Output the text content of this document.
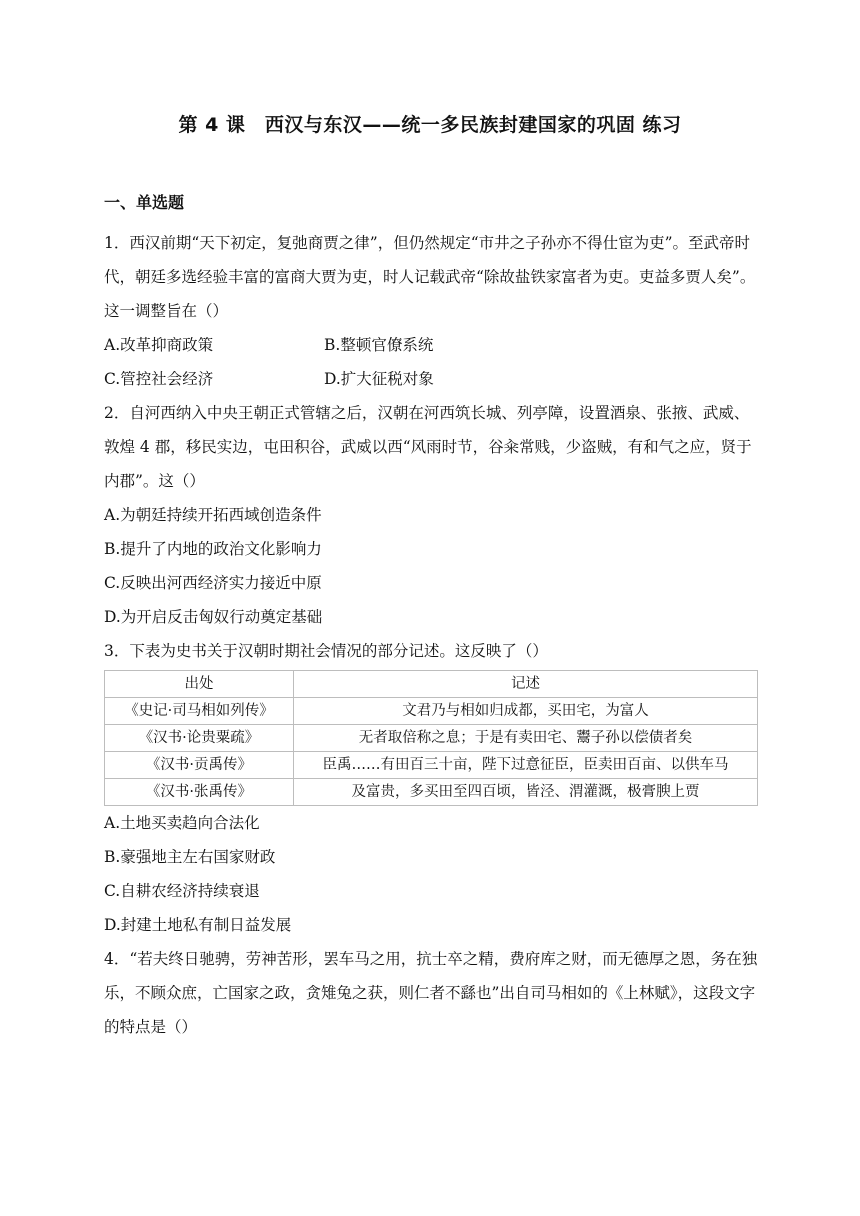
第 4 课　西汉与东汉——统一多民族封建国家的巩固 练习
一、单选题

1．西汉前期“天下初定，复弛商贾之律”，但仍然规定“市井之子孙亦不得仕宦为吏”。至武帝时代，朝廷多选经验丰富的富商大贾为吏，时人记载武帝“除故盐铁家富者为吏。吏益多贾人矣”。这一调整旨在（）

A.改革抑商政策	B.整顿官僚系统
C.管控社会经济	D.扩大征税对象

2．自河西纳入中央王朝正式管辖之后，汉朝在河西筑长城、列亭障，设置酒泉、张掖、武威、敦煌 4 郡，移民实边，屯田积谷，武威以西“风雨时节，谷籴常贱，少盗贼，有和气之应，贤于内郡”。这（）

A.为朝廷持续开拓西域创造条件

B.提升了内地的政治文化影响力

C.反映出河西经济实力接近中原

D.为开启反击匈奴行动奠定基础

3．下表为史书关于汉朝时期社会情况的部分记述。这反映了（）

出处	记述
《史记·司马相如列传》	文君乃与相如归成都，买田宅，为富人
《汉书·论贵粟疏》	无者取倍称之息；于是有卖田宅、鬻子孙以偿债者矣
《汉书·贡禹传》	臣禹……有田百三十亩，陛下过意征臣，臣卖田百亩、以供车马
《汉书·张禹传》	及富贵，多买田至四百顷，皆泾、渭灌溉，极膏腴上贾

A.土地买卖趋向合法化

B.豪强地主左右国家财政

C.自耕农经济持续衰退

D.封建土地私有制日益发展

4．“若夫终日驰骋，劳神苦形，罢车马之用，抗士卒之精，费府库之财，而无德厚之恩，务在独乐，不顾众庶，亡国家之政，贪雉兔之获，则仁者不繇也”出自司马相如的《上林赋》，这段文字的特点是（）
